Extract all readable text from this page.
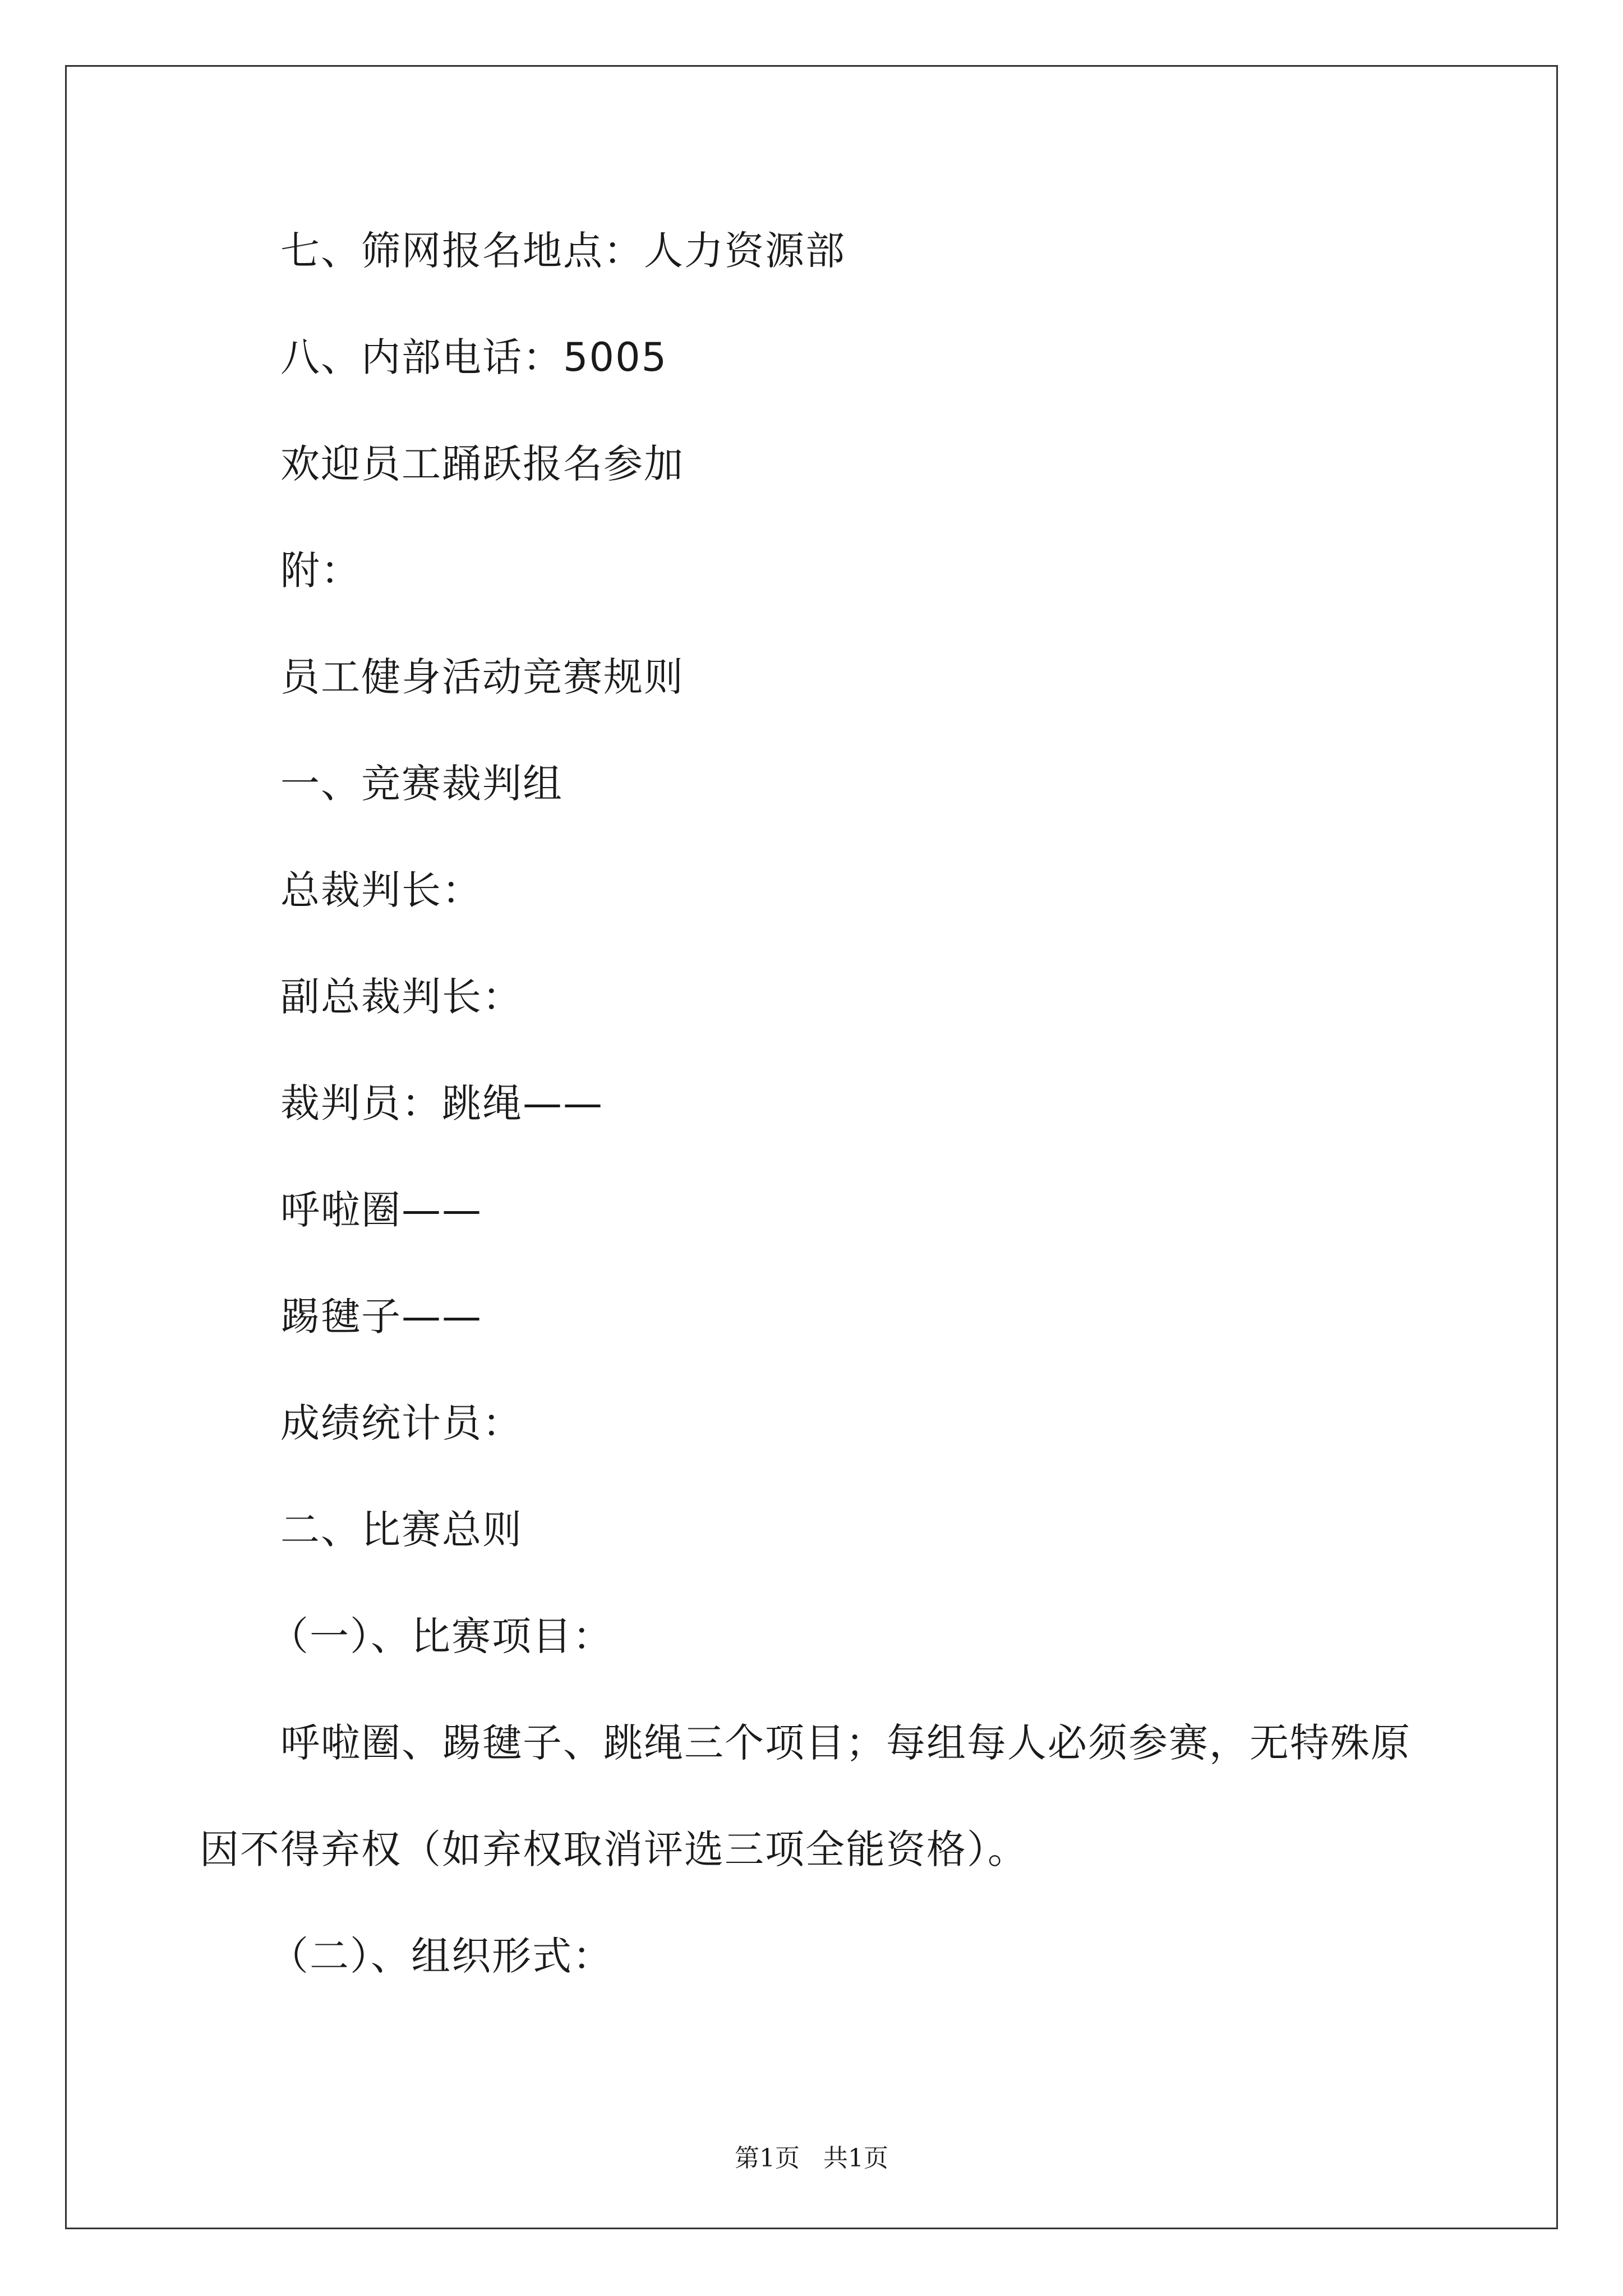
七、筛网报名地点：人力资源部
八、内部电话：5005
欢迎员工踊跃报名参加
附：
员工健身活动竞赛规则
一、竞赛裁判组
总裁判长：
副总裁判长：
裁判员：跳绳——
呼啦圈——
踢毽子——
成绩统计员：
二、比赛总则
（一）、比赛项目：
呼啦圈、踢毽子、跳绳三个项目；每组每人必须参赛，无特殊原
因不得弃权（如弃权取消评选三项全能资格）。
（二）、组织形式：
第1页 共1页
